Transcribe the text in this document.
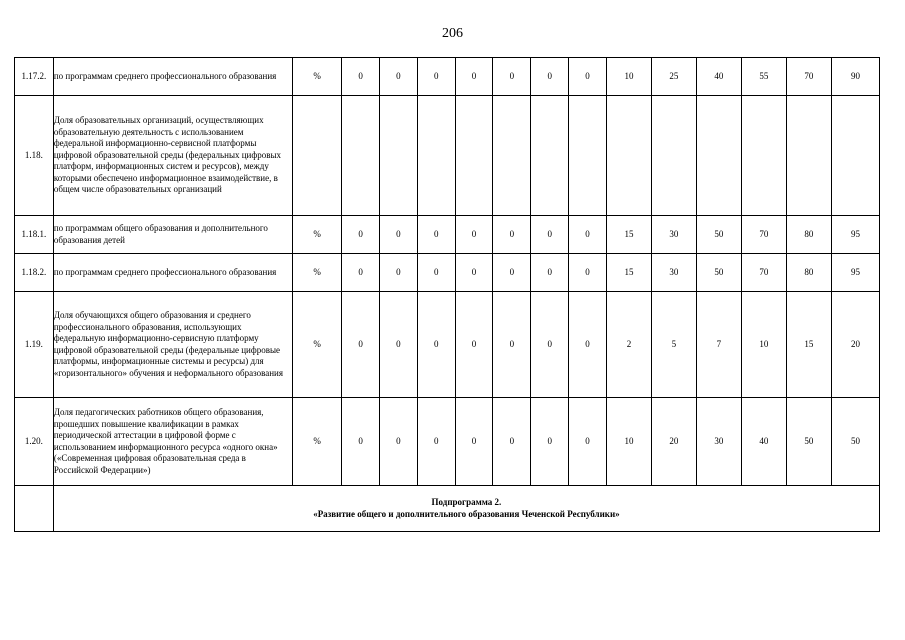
206
1.17.2.	по программам среднего профессионального образования	%	0	0	0	0	0	0	0	10	25	40	55	70	90
1.18.	Доля образовательных организаций, осуществляющих образовательную деятельность с использованием федеральной информационно-сервисной платформы цифровой образовательной среды (федеральных цифровых платформ, информационных систем и ресурсов), между которыми обеспечено информационное взаимодействие, в общем числе образовательных организаций														
1.18.1.	по программам общего образования и дополнительного образования детей	%	0	0	0	0	0	0	0	15	30	50	70	80	95
1.18.2.	по программам среднего профессионального образования	%	0	0	0	0	0	0	0	15	30	50	70	80	95
1.19.	Доля обучающихся общего образования и среднего профессионального образования, использующих федеральную информационно-сервисную платформу цифровой образовательной среды (федеральные цифровые платформы, информационные системы и ресурсы) для «горизонтального» обучения и неформального образования	%	0	0	0	0	0	0	0	2	5	7	10	15	20
1.20.	Доля педагогических работников общего образования, прошедших повышение квалификации в рамках периодической аттестации в цифровой форме с использованием информационного ресурса «одного окна» («Современная цифровая образовательная среда в Российской Федерации»)	%	0	0	0	0	0	0	0	10	20	30	40	50	50

	Подпрограмма 2.
«Развитие общего и дополнительного образования Чеченской Республики»														
